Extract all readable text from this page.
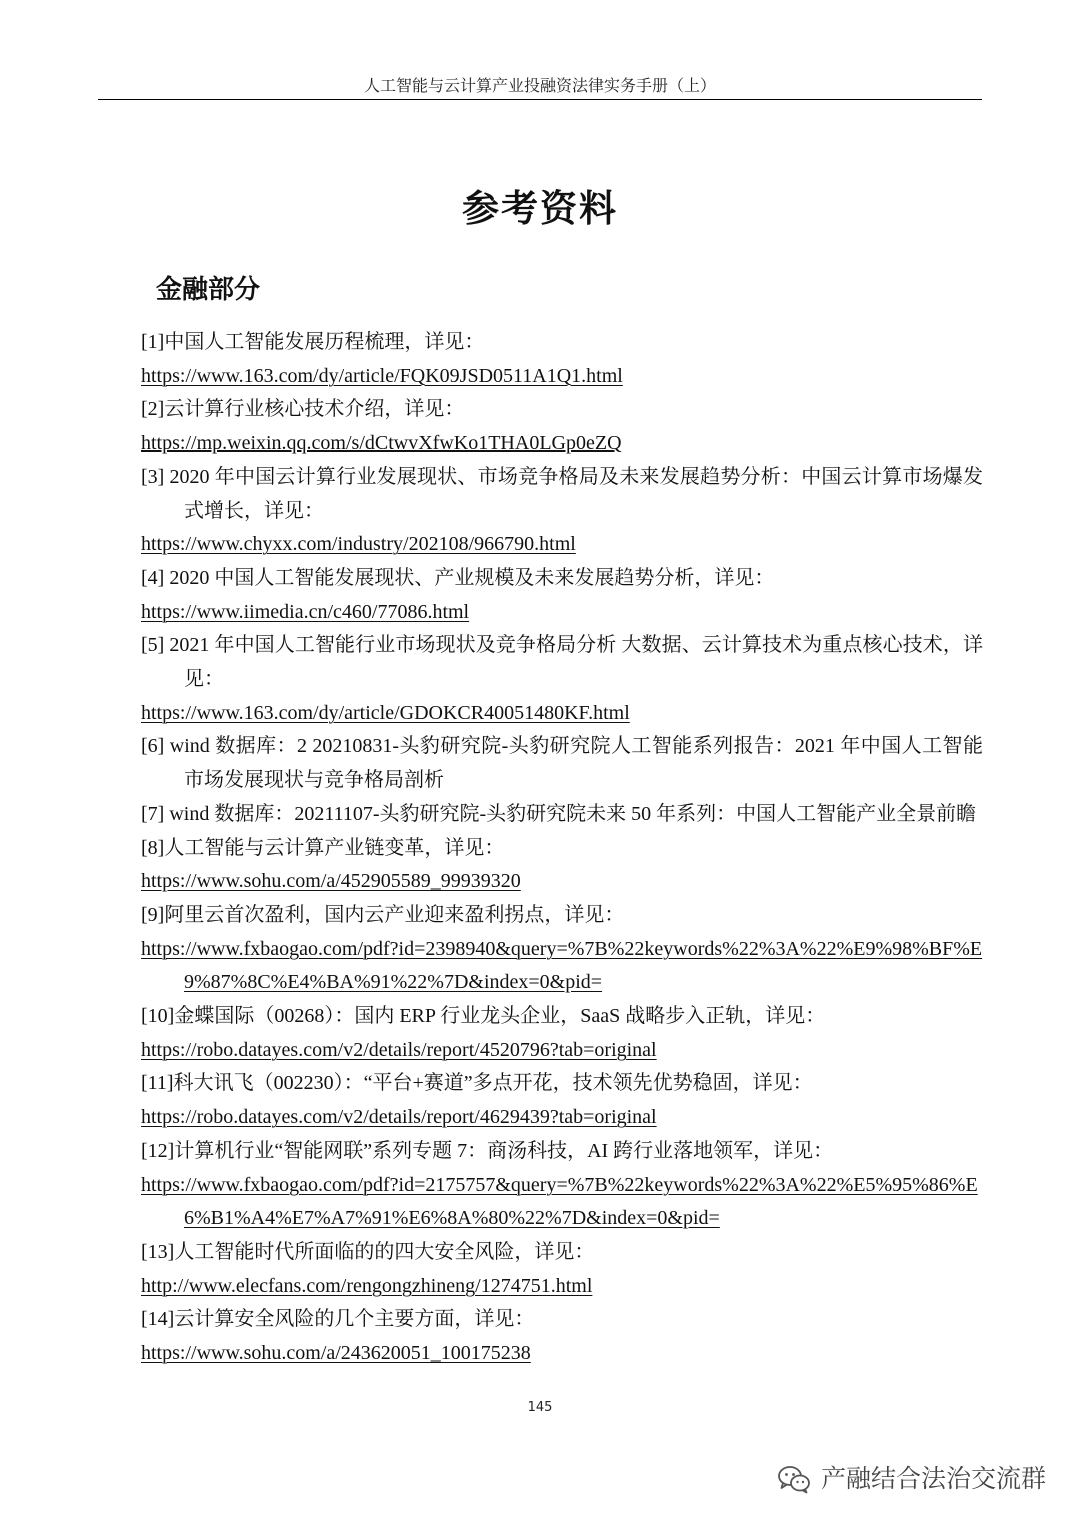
人工智能与云计算产业投融资法律实务手册（上）
参考资料
金融部分
[1]中国人工智能发展历程梳理，详见：
https://www.163.com/dy/article/FQK09JSD0511A1Q1.html
[2]云计算行业核心技术介绍，详见：
https://mp.weixin.qq.com/s/dCtwvXfwKo1THA0LGp0eZQ
[3] 2020 年中国云计算行业发展现状、市场竞争格局及未来发展趋势分析：中国云计算市场爆发式增长，详见：
https://www.chyxx.com/industry/202108/966790.html
[4] 2020 中国人工智能发展现状、产业规模及未来发展趋势分析，详见：
https://www.iimedia.cn/c460/77086.html
[5] 2021 年中国人工智能行业市场现状及竞争格局分析 大数据、云计算技术为重点核心技术，详见：
https://www.163.com/dy/article/GDOKCR40051480KF.html
[6] wind 数据库：2 20210831-头豹研究院-头豹研究院人工智能系列报告：2021 年中国人工智能市场发展现状与竞争格局剖析
[7] wind 数据库：20211107-头豹研究院-头豹研究院未来 50 年系列：中国人工智能产业全景前瞻
[8]人工智能与云计算产业链变革，详见：
https://www.sohu.com/a/452905589_99939320
[9]阿里云首次盈利，国内云产业迎来盈利拐点，详见：
https://www.fxbaogao.com/pdf?id=2398940&query=%7B%22keywords%22%3A%22%E9%98%BF%E9%87%8C%E4%BA%91%22%7D&index=0&pid=
[10]金蝶国际（00268）：国内 ERP 行业龙头企业，SaaS 战略步入正轨，详见：
https://robo.datayes.com/v2/details/report/4520796?tab=original
[11]科大讯飞（002230）：“平台+赛道”多点开花，技术领先优势稳固，详见：
https://robo.datayes.com/v2/details/report/4629439?tab=original
[12]计算机行业“智能网联”系列专题 7：商汤科技，AI 跨行业落地领军，详见：
https://www.fxbaogao.com/pdf?id=2175757&query=%7B%22keywords%22%3A%22%E5%95%86%E6%B1%A4%E7%A7%91%E6%8A%80%22%7D&index=0&pid=
[13]人工智能时代所面临的的四大安全风险，详见：
http://www.elecfans.com/rengongzhineng/1274751.html
[14]云计算安全风险的几个主要方面，详见：
https://www.sohu.com/a/243620051_100175238
145
产融结合法治交流群
